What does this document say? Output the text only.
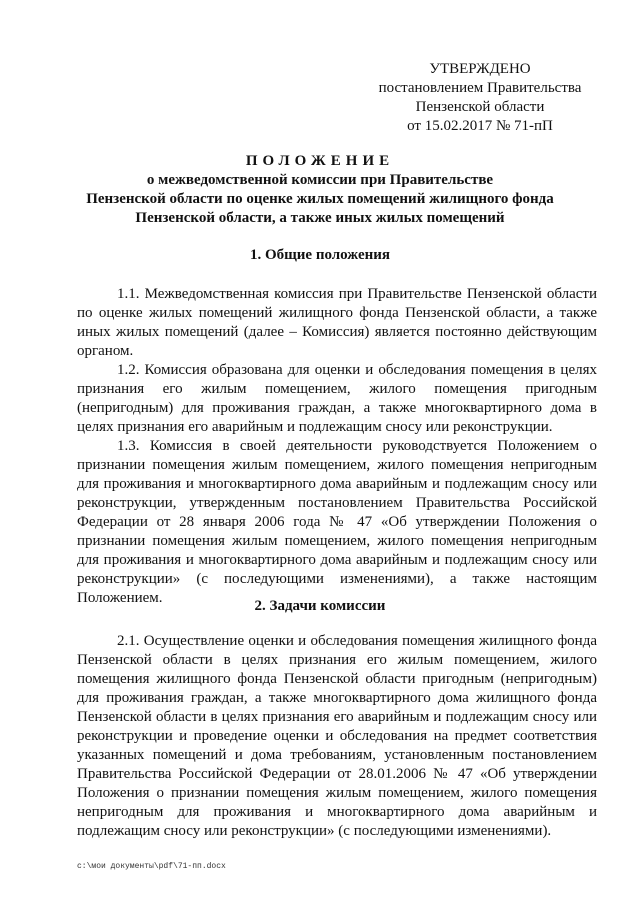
УТВЕРЖДЕНО
постановлением Правительства
Пензенской области
от 15.02.2017 № 71-пП
ПОЛОЖЕНИЕ
о межведомственной комиссии при Правительстве
Пензенской области по оценке жилых помещений жилищного фонда
Пензенской области, а также иных жилых помещений
1. Общие положения

1.1. Межведомственная комиссия при Правительстве Пензенской области по оценке жилых помещений жилищного фонда Пензенской области, а также иных жилых помещений (далее – Комиссия) является постоянно действующим органом.

1.2. Комиссия образована для оценки и обследования помещения в целях признания его жилым помещением, жилого помещения пригодным (непригодным) для проживания граждан, а также многоквартирного дома в целях признания его аварийным и подлежащим сносу или реконструкции.

1.3. Комиссия в своей деятельности руководствуется Положением о признании помещения жилым помещением, жилого помещения непригодным для проживания и многоквартирного дома аварийным и подлежащим сносу или реконструкции, утвержденным постановлением Правительства Российской Федерации от 28 января 2006 года № 47 «Об утверждении Положения о признании помещения жилым помещением, жилого помещения непригодным для проживания и многоквартирного дома аварийным и подлежащим сносу или реконструкции» (с последующими изменениями), а также настоящим Положением.	2. Задачи комиссии

2.1. Осуществление оценки и обследования помещения жилищного фонда Пензенской области в целях признания его жилым помещением, жилого помещения жилищного фонда Пензенской области пригодным (непригодным) для проживания граждан, а также многоквартирного дома жилищного фонда Пензенской области в целях признания его аварийным и подлежащим сносу или реконструкции и проведение оценки и обследования на предмет соответствия указанных помещений и дома требованиям, установленным постановлением Правительства Российской Федерации от 28.01.2006 № 47 «Об утверждении Положения о признании помещения жилым помещением, жилого помещения непригодным для проживания и многоквартирного дома аварийным и подлежащим сносу или реконструкции» (с последующими изменениями).

c:\мои документы\pdf\71-пп.docx
